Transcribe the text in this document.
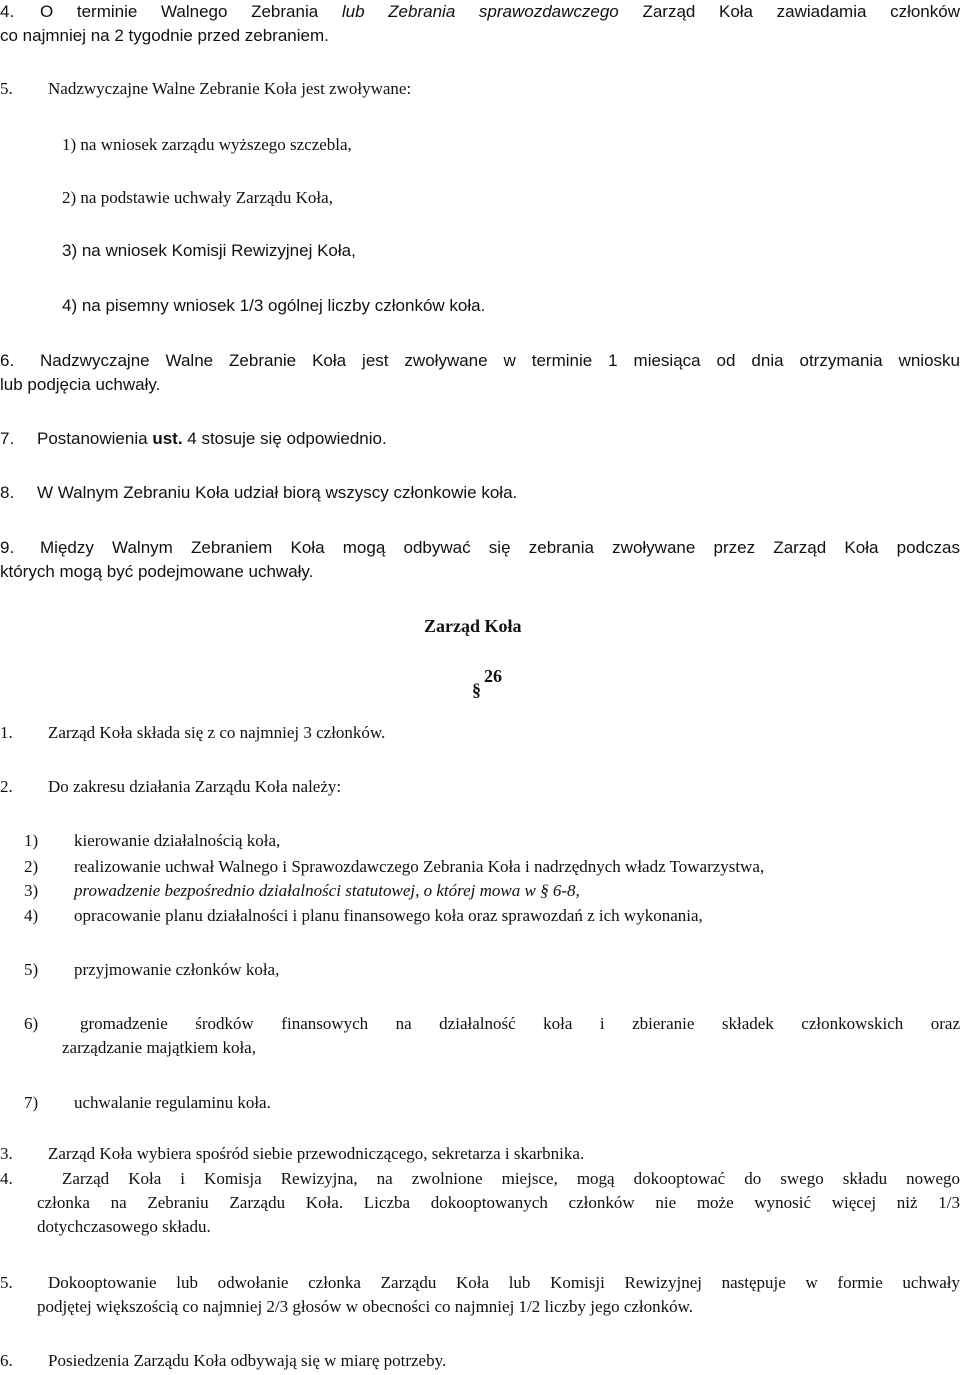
4. O terminie Walnego Zebrania lub Zebrania sprawozdawczego Zarząd Koła zawiadamia członków
co najmniej na 2 tygodnie przed zebraniem.
5. Nadzwyczajne Walne Zebranie Koła jest zwoływane:
1) na wniosek zarządu wyższego szczebla,
2) na podstawie uchwały Zarządu Koła,
3) na wniosek Komisji Rewizyjnej Koła,
4) na pisemny wniosek 1/3 ogólnej liczby członków koła.
6. Nadzwyczajne Walne Zebranie Koła jest zwoływane w terminie 1 miesiąca od dnia otrzymania wniosku
lub podjęcia uchwały.
7. Postanowienia ust. 4 stosuje się odpowiednio.
8. W Walnym Zebraniu Koła udział biorą wszyscy członkowie koła.
9. Między Walnym Zebraniem Koła mogą odbywać się zebrania zwoływane przez Zarząd Koła podczas
których mogą być podejmowane uchwały.
Zarząd Koła
§
26
1. Zarząd Koła składa się z co najmniej 3 członków.
2. Do zakresu działania Zarządu Koła należy:
1) kierowanie działalnością koła,
2) realizowanie uchwał Walnego i Sprawozdawczego Zebrania Koła i nadrzędnych władz Towarzystwa,
3) prowadzenie bezpośrednio działalności statutowej, o której mowa w § 6-8,
4) opracowanie planu działalności i planu finansowego koła oraz sprawozdań z ich wykonania,
5) przyjmowanie członków koła,
6) gromadzenie środków finansowych na działalność koła i zbieranie składek członkowskich oraz
zarządzanie majątkiem koła,
7) uchwalanie regulaminu koła.
3. Zarząd Koła wybiera spośród siebie przewodniczącego, sekretarza i skarbnika.
4.	Zarząd Koła i Komisja Rewizyjna, na zwolnione miejsce, mogą dokooptować do swego składu nowego
członka na Zebraniu Zarządu Koła. Liczba dokooptowanych członków nie może wynosić więcej niż 1/3
dotychczasowego składu.
5. Dokooptowanie lub odwołanie członka Zarządu Koła lub Komisji Rewizyjnej następuje w formie uchwały
podjętej większością co najmniej 2/3 głosów w obecności co najmniej 1/2 liczby jego członków.
6. Posiedzenia Zarządu Koła odbywają się w miarę potrzeby.
